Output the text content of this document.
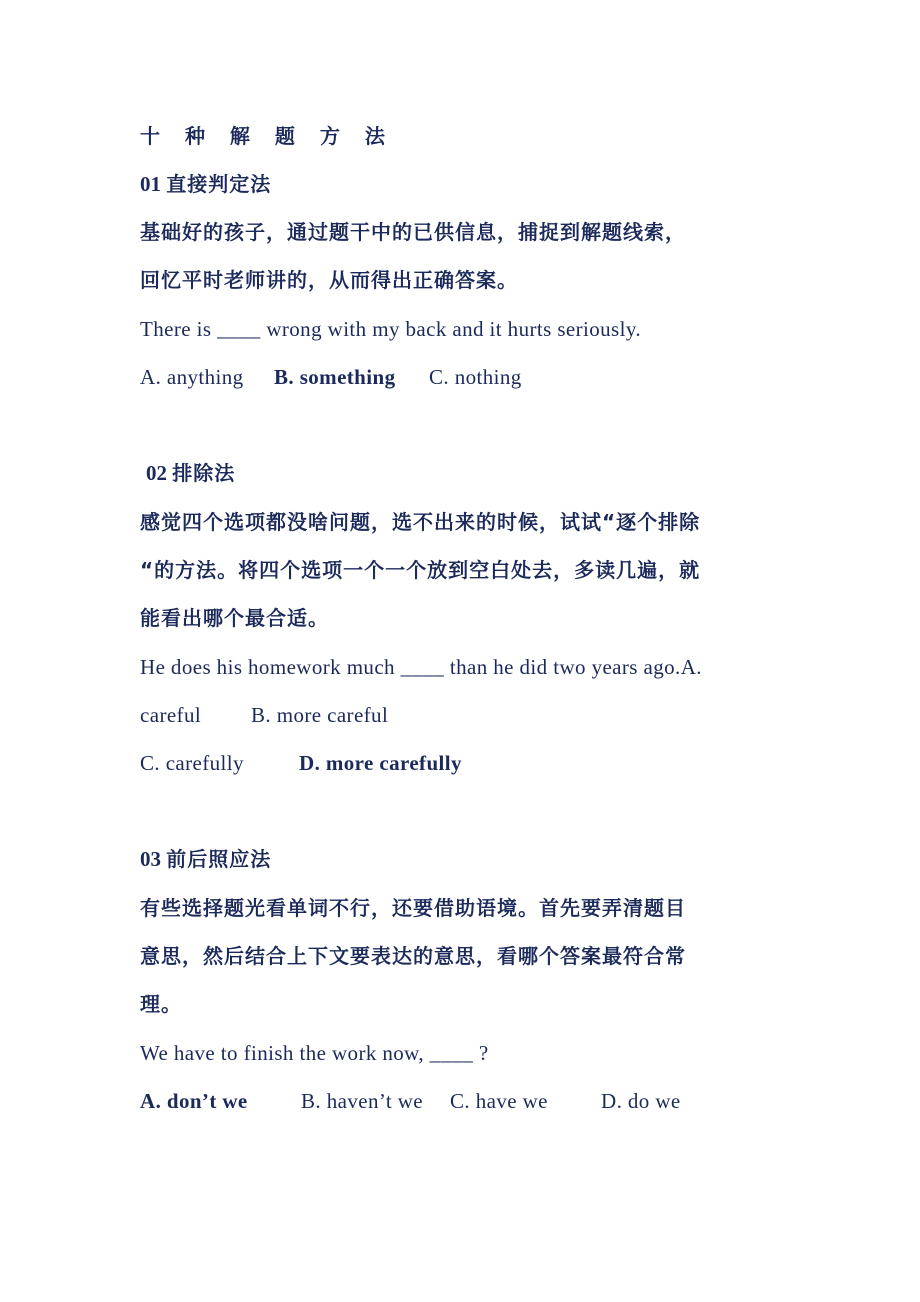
十 种 解 题 方 法
01 直接判定法
基础好的孩子，通过题干中的已供信息，捕捉到解题线索，
回忆平时老师讲的，从而得出正确答案。
There is ____ wrong with my back and it hurts seriously.
A. anything B. something C. nothing
02 排除法
感觉四个选项都没啥问题，选不出来的时候，试试“逐个排除
“的方法。将四个选项一个一个放到空白处去，多读几遍，就
能看出哪个最合适。
He does his homework much ____ than he did two years ago.A.
careful B. more careful
C. carefully	D. more carefully
03 前后照应法
有些选择题光看单词不行，还要借助语境。首先要弄清题目
意思，然后结合上下文要表达的意思，看哪个答案最符合常
理。
We have to finish the work now, ____ ?
A. don’t we	B. haven’t we C. have we	D. do we
